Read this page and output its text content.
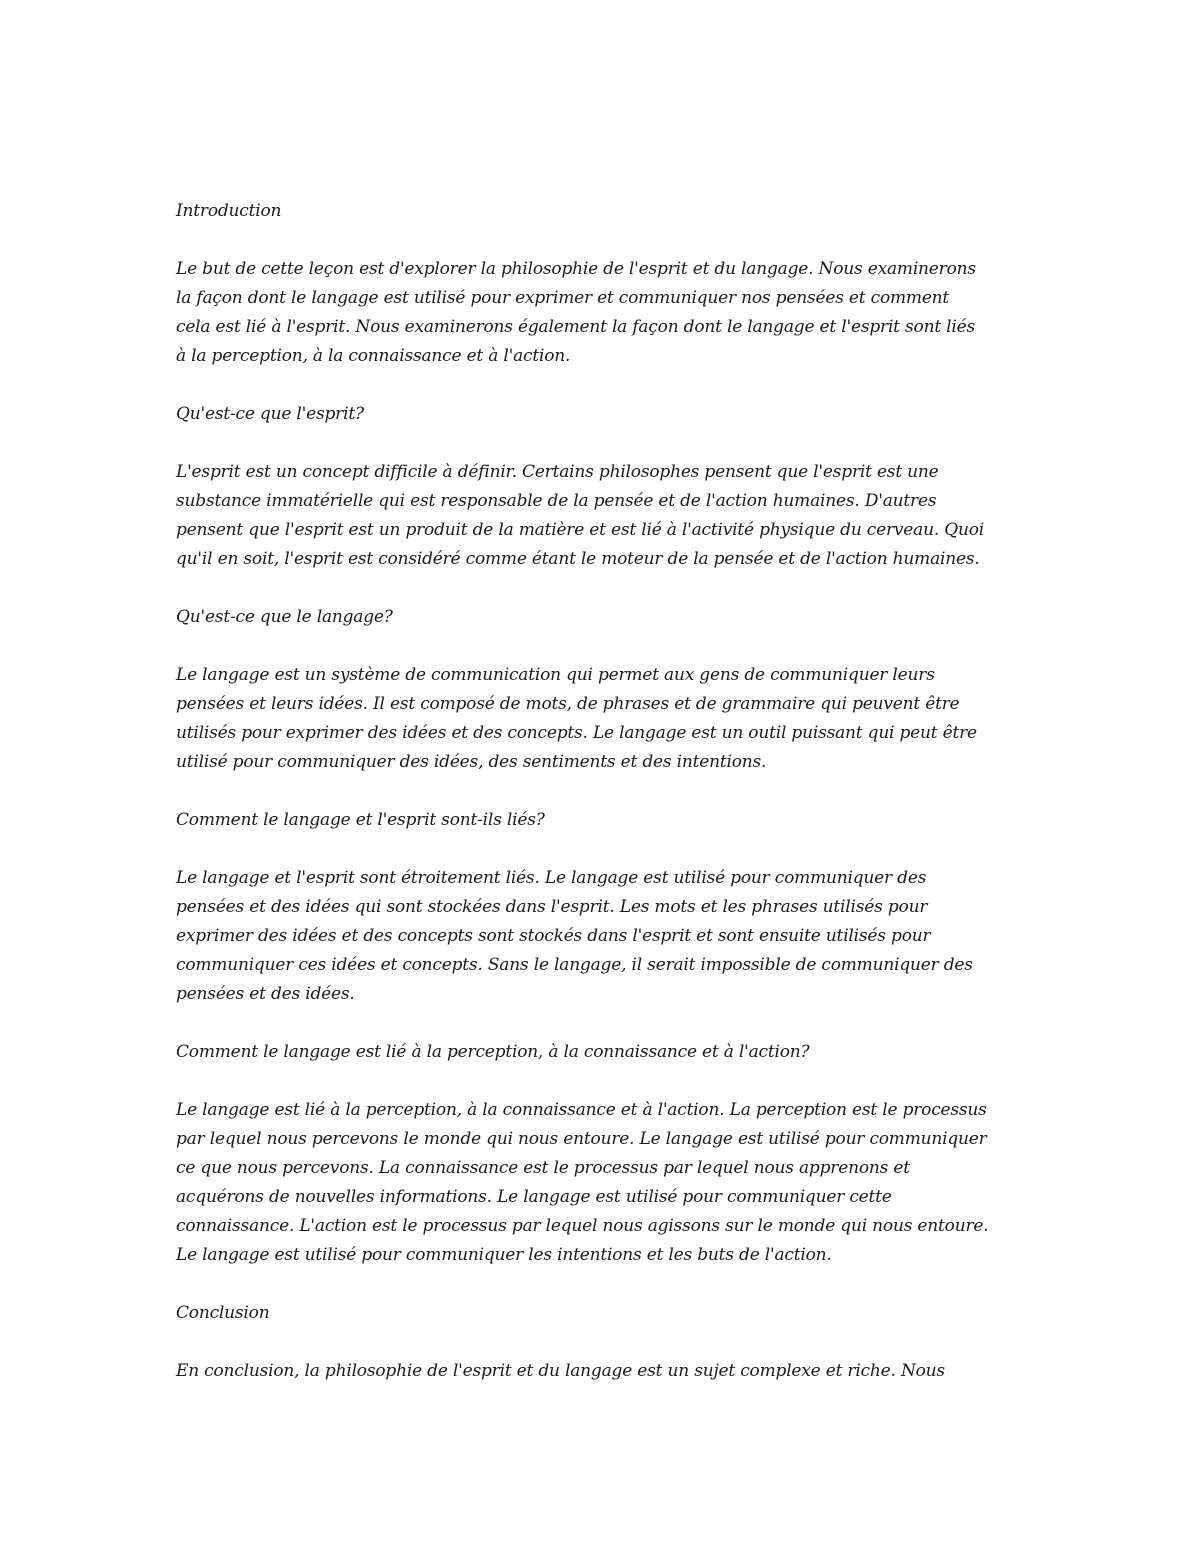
Introduction

Le but de cette leçon est d'explorer la philosophie de l'esprit et du langage. Nous examinerons
la façon dont le langage est utilisé pour exprimer et communiquer nos pensées et comment
cela est lié à l'esprit. Nous examinerons également la façon dont le langage et l'esprit sont liés
à la perception, à la connaissance et à l'action.

Qu'est-ce que l'esprit?

L'esprit est un concept difficile à définir. Certains philosophes pensent que l'esprit est une
substance immatérielle qui est responsable de la pensée et de l'action humaines. D'autres
pensent que l'esprit est un produit de la matière et est lié à l'activité physique du cerveau. Quoi
qu'il en soit, l'esprit est considéré comme étant le moteur de la pensée et de l'action humaines.

Qu'est-ce que le langage?

Le langage est un système de communication qui permet aux gens de communiquer leurs
pensées et leurs idées. Il est composé de mots, de phrases et de grammaire qui peuvent être
utilisés pour exprimer des idées et des concepts. Le langage est un outil puissant qui peut être
utilisé pour communiquer des idées, des sentiments et des intentions.

Comment le langage et l'esprit sont-ils liés?

Le langage et l'esprit sont étroitement liés. Le langage est utilisé pour communiquer des
pensées et des idées qui sont stockées dans l'esprit. Les mots et les phrases utilisés pour
exprimer des idées et des concepts sont stockés dans l'esprit et sont ensuite utilisés pour
communiquer ces idées et concepts. Sans le langage, il serait impossible de communiquer des
pensées et des idées.

Comment le langage est lié à la perception, à la connaissance et à l'action?

Le langage est lié à la perception, à la connaissance et à l'action. La perception est le processus
par lequel nous percevons le monde qui nous entoure. Le langage est utilisé pour communiquer
ce que nous percevons. La connaissance est le processus par lequel nous apprenons et
acquérons de nouvelles informations. Le langage est utilisé pour communiquer cette
connaissance. L'action est le processus par lequel nous agissons sur le monde qui nous entoure.
Le langage est utilisé pour communiquer les intentions et les buts de l'action.

Conclusion

En conclusion, la philosophie de l'esprit et du langage est un sujet complexe et riche. Nous
